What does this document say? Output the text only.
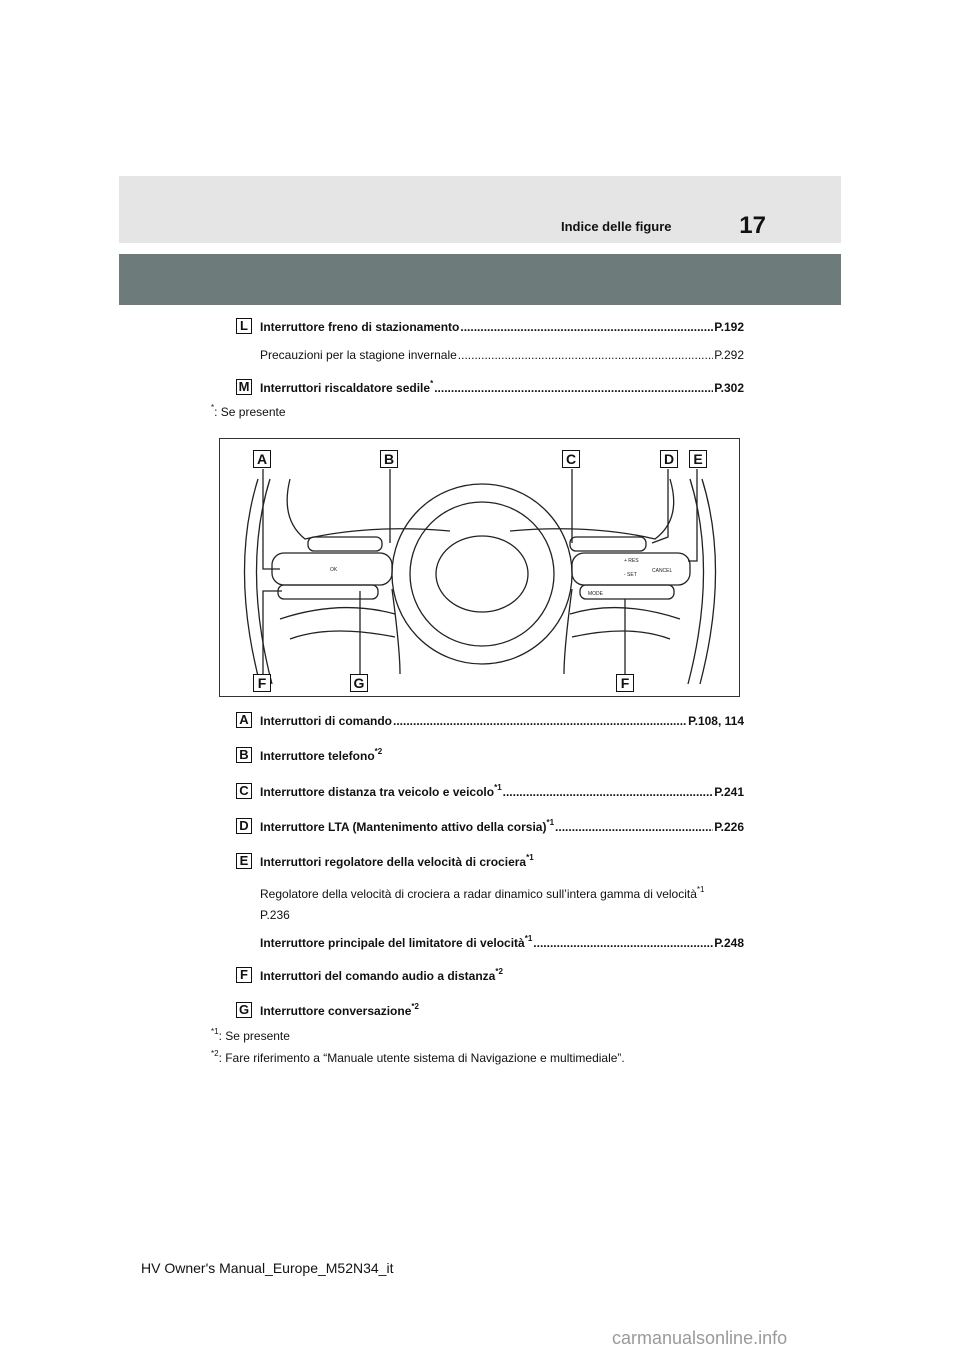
17
Indice delle figure
L	Interruttore freno di stazionamento .....	P.192
Precauzioni per la stagione invernale .....	P.292
M Interruttori riscaldatore sedile* .....	P.302
*: Se presente
OK
MODE
CANCEL
+ RES
- SET
A	B	C	D	E
F	G	F
A Interruttori di comando .....	P.108, 114
B Interruttore telefono$^{*2}$
C Interruttore distanza tra veicolo e veicolo$^{*1}$ .....	P.241
D Interruttore LTA (Mantenimento attivo della corsia)$^{*1}$ .....	P.226
E Interruttori regolatore della velocità di crociera$^{*1}$
Regolatore della velocità di crociera a radar dinamico sull’intera gamma di velocità$^{*1}$
P.236
Interruttore principale del limitatore di velocità$^{*1}$ .....	P.248
F	Interruttori del comando audio a distanza$^{*2}$
G Interruttore conversazione$^{*2}$
$^{*1}$: Se presente
$^{*2}$: Fare riferimento a “Manuale utente sistema di Navigazione e multimediale”.
HV Owner's Manual_Europe_M52N34_it
carmanualsonline.info
